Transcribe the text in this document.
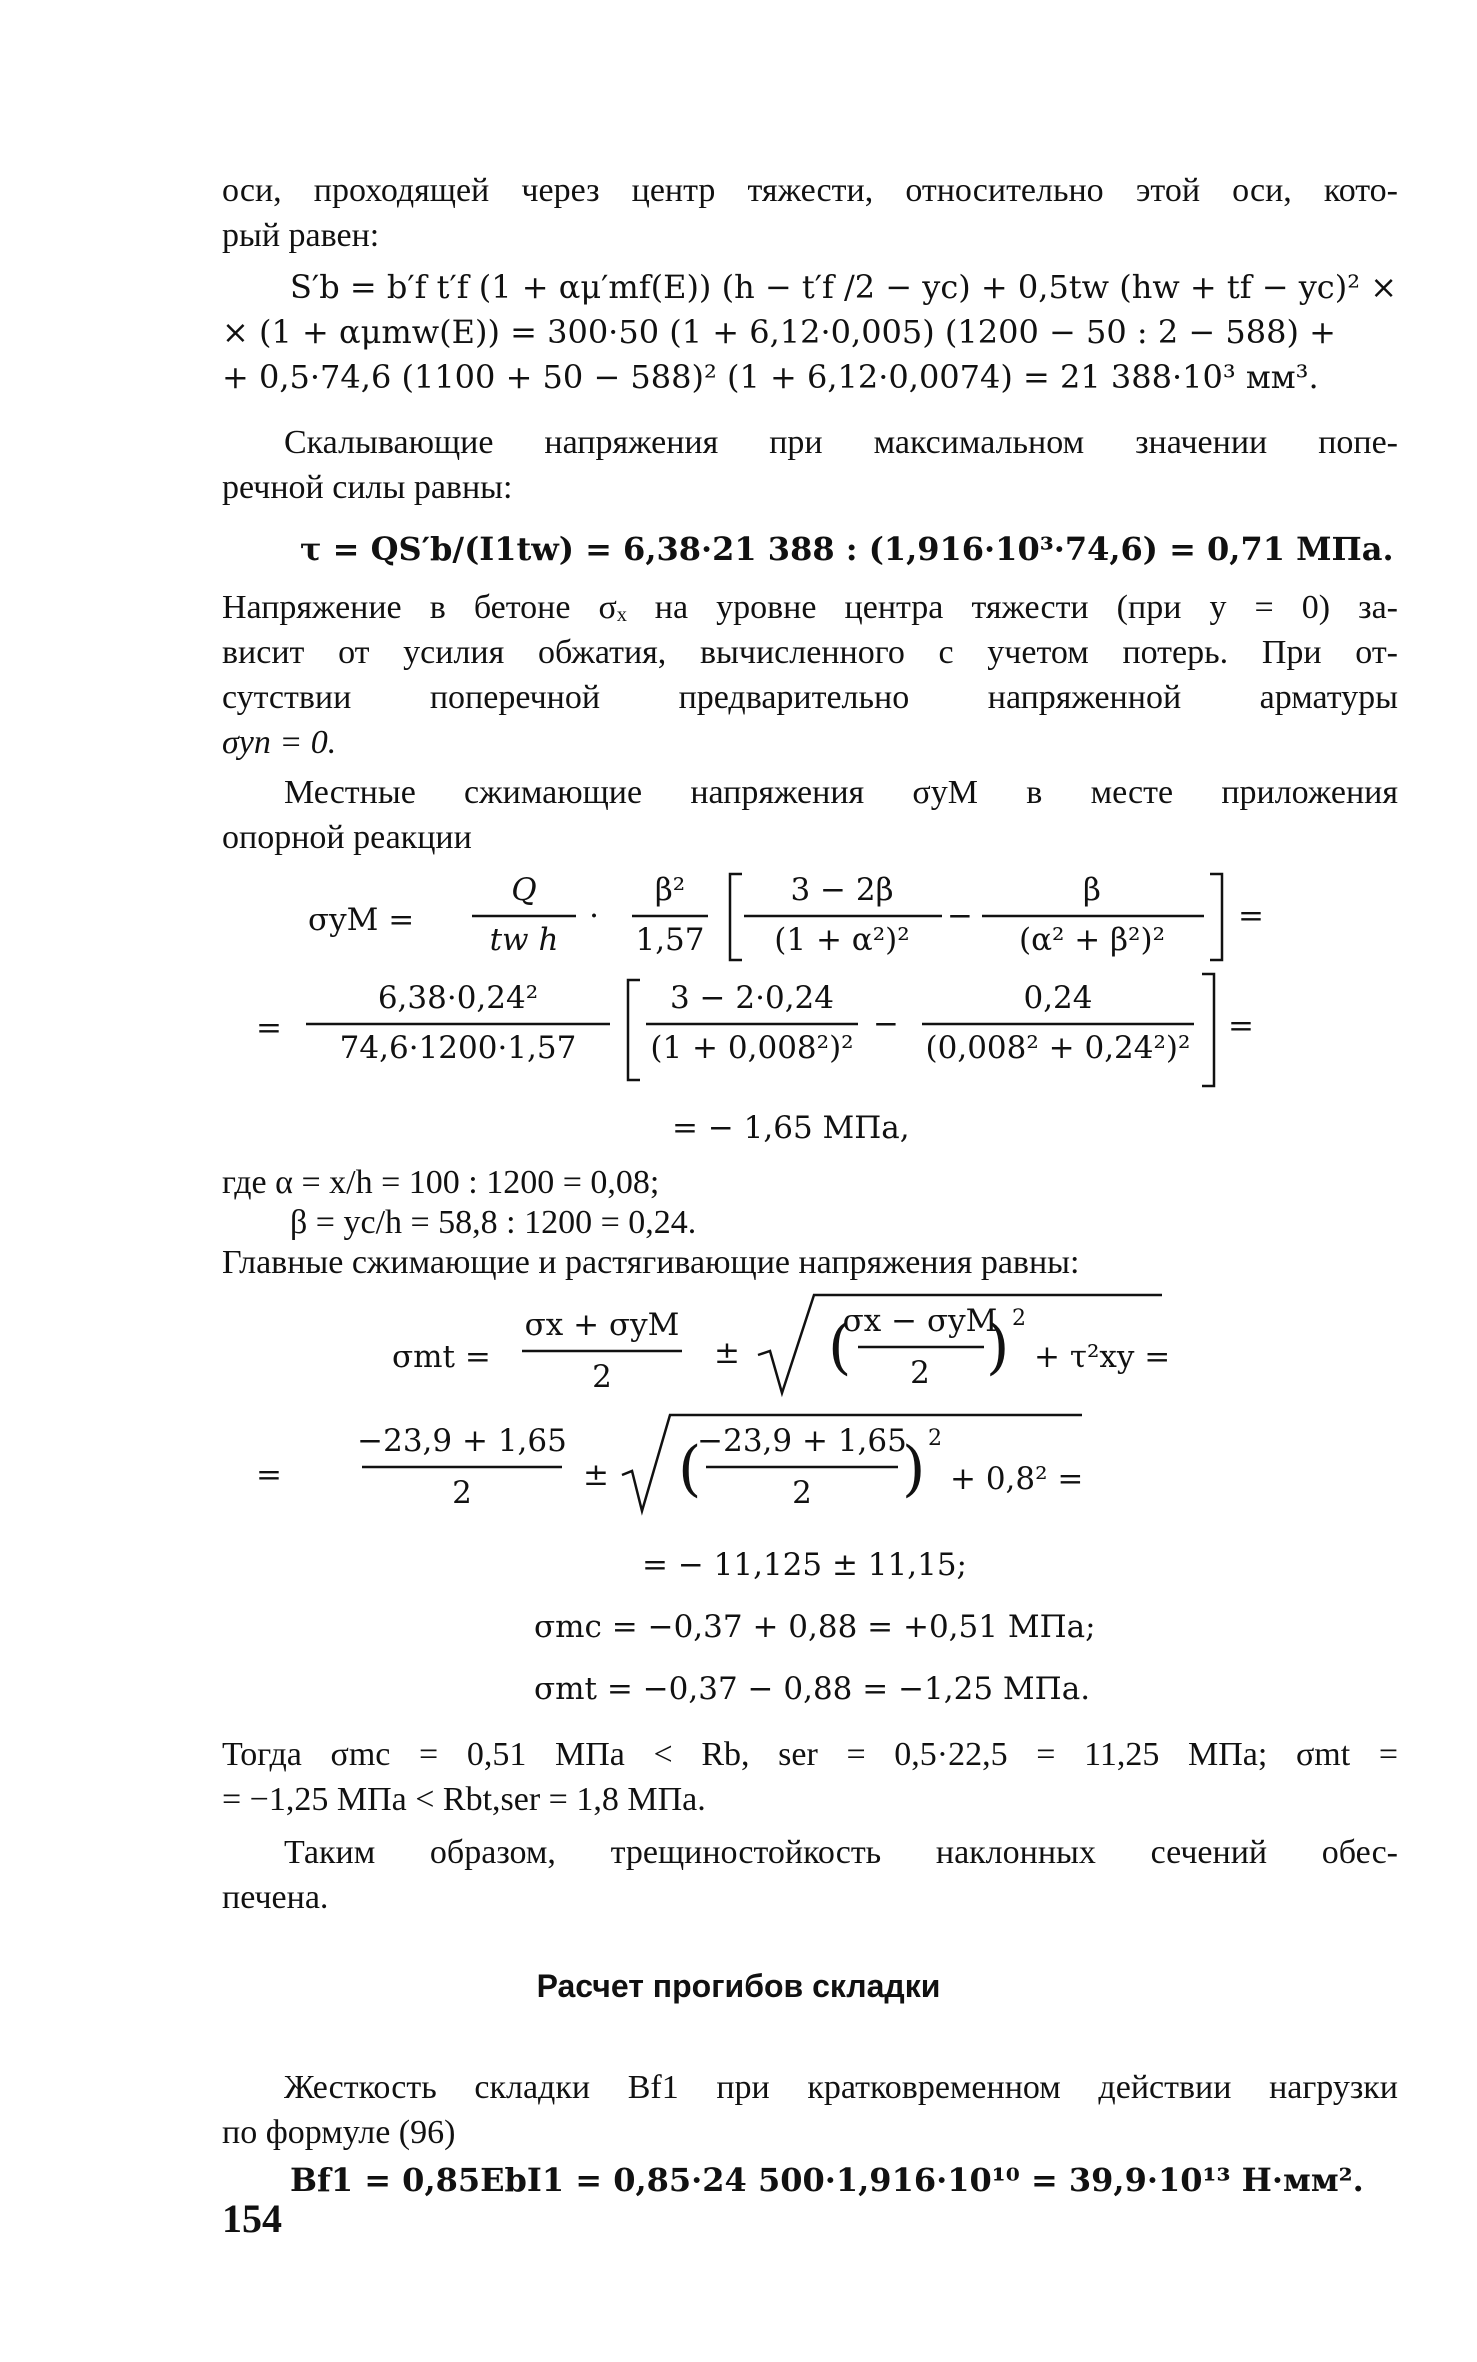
оси, проходящей через центр тяжести, относительно этой оси, кото-

рый равен:

S′b = b′f t′f (1 + αμ′mf(E)) (h − t′f /2 − yc) + 0,5tw (hw + tf − yc)² ×

× (1 + αμmw(E)) = 300·50 (1 + 6,12·0,005) (1200 − 50 : 2 − 588) +

+ 0,5·74,6 (1100 + 50 − 588)² (1 + 6,12·0,0074) = 21 388·10³ мм³.

Скалывающие напряжения при максимальном значении попе-

речной силы равны:

τ = QS′b/(I1tw) = 6,38·21 388 : (1,916·10³·74,6) = 0,71 МПа.

Напряжение в бетоне σₓ на уровне центра тяжести (при y = 0) за-

висит от усилия обжатия, вычисленного с учетом потерь. При от-

сутствии поперечной предварительно напряженной арматуры

σyn = 0.

Местные сжимающие напряжения σyM в месте приложения

опорной реакции

σyM =
Q
tw h
·
β²
1,57
3 − 2β
(1 + α²)²
−
β
(α² + β²)²
=
=
6,38·0,24²
74,6·1200·1,57
3 − 2·0,24
(1 + 0,008²)²
−
0,24
(0,008² + 0,24²)²
=
= − 1,65 МПа,

где α = x/h = 100 : 1200 = 0,08;

β = yc/h = 58,8 : 1200 = 0,24.

Главные сжимающие и растягивающие напряжения равны:

σmt =
σx + σyM
2
± (
σx − σyM
2 ) 2
+ τ²xy =
=
−23,9 + 1,65
2	± (
−23,9 + 1,65
2 ) 2
+ 0,8² =
= − 11,125 ± 11,15;
σmc = −0,37 + 0,88 = +0,51 МПа;
σmt = −0,37 − 0,88 = −1,25 МПа.

Тогда σmc = 0,51 МПа < Rb, ser = 0,5·22,5 = 11,25 МПа; σmt =

= −1,25 МПа < Rbt,ser = 1,8 МПа.

Таким образом, трещиностойкость наклонных сечений обес-

печена.

Расчет прогибов складки

Жесткость складки Bf1 при кратковременном действии нагрузки

по формуле (96)

Bf1 = 0,85EbI1 = 0,85·24 500·1,916·10¹⁰ = 39,9·10¹³ Н·мм².

154
